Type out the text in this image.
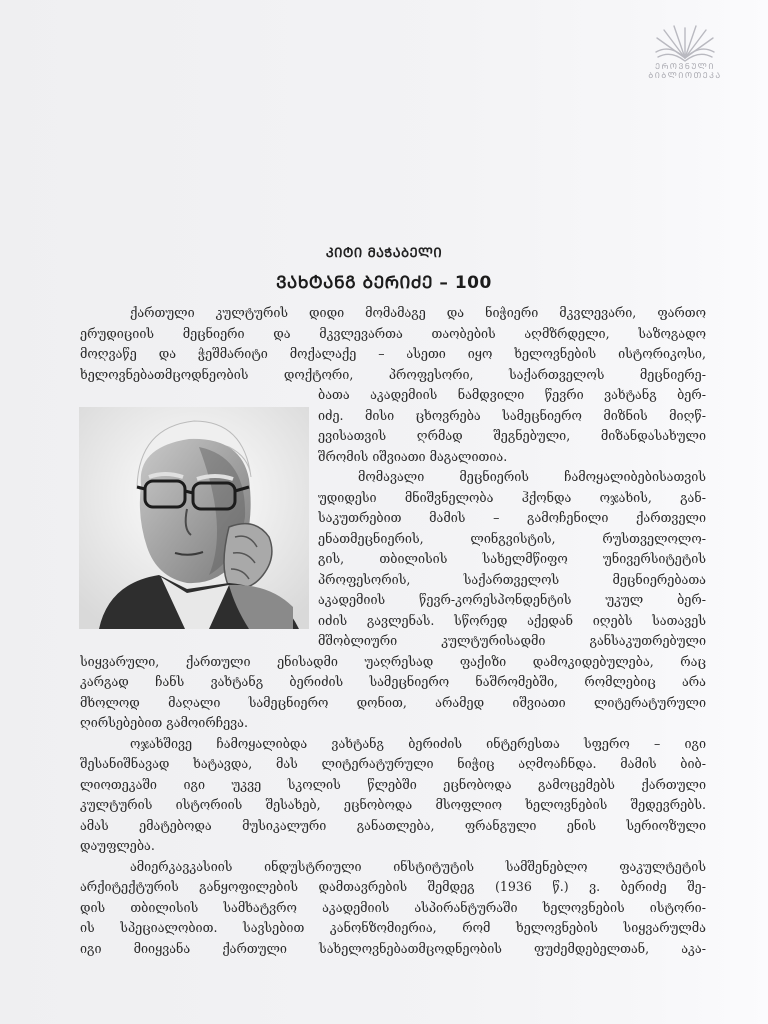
ᲔᲠᲝᲕᲜᲣᲚᲘ
ᲑᲘᲑᲚᲘᲝᲗᲔᲙᲐ
ᲙᲘᲢᲘ ᲛᲐᲭᲐᲑᲔᲚᲘ
ᲕᲐᲮᲢᲐᲜᲒ ᲑᲔᲠᲘᲫᲔ – 100
ქართული კულტურის დიდი მომამაგე და ნიჭიერი მკვლევარი, ფართო
ერუდიციის მეცნიერი და მკვლევართა თაობების აღმზრდელი, საზოგადო
მოღვაწე და ჭეშმარიტი მოქალაქე – ასეთი იყო ხელოვნების ისტორიკოსი,
ხელოვნებათმცოდნეობის დოქტორი, პროფესორი, საქართველოს მეცნიერე-
ბათა აკადემიის ნამდვილი წევრი ვახტანგ ბერ-
იძე. მისი ცხოვრება სამეცნიერო მიზნის მიღწ-
ევისათვის ღრმად შეგნებული, მიზანდასახული
შრომის იშვიათი მაგალითია.
მომავალი მეცნიერის ჩამოყალიბებისათვის
უდიდესი მნიშვნელობა ჰქონდა ოჯახის, გან-
საკუთრებით მამის – გამოჩენილი ქართველი
ენათმეცნიერის, ლინგვისტის, რუსთველოლო-
გის, თბილისის სახელმწიფო უნივერსიტეტის
პროფესორის, საქართველოს მეცნიერებათა
აკადემიის წევრ-კორესპონდენტის უკულ ბერ-
იძის გავლენას. სწორედ აქედან იღებს სათავეს
მშობლიური კულტურისადმი განსაკუთრებული
სიყვარული, ქართული ენისადმი უაღრესად ფაქიზი დამოკიდებულება, რაც
კარგად ჩანს ვახტანგ ბერიძის სამეცნიერო ნაშრომებში, რომლებიც არა
მხოლოდ მაღალი სამეცნიერო დონით, არამედ იშვიათი ლიტერატურული
ღირსებებით გამოირჩევა.
ოჯახშივე ჩამოყალიბდა ვახტანგ ბერიძის ინტერესთა სფერო – იგი
შესანიშნავად ხატავდა, მას ლიტერატურული ნიჭიც აღმოაჩნდა. მამის ბიბ-
ლიოთეკაში იგი უკვე სკოლის წლებში ეცნობოდა გამოცემებს ქართული
კულტურის ისტორიის შესახებ, ეცნობოდა მსოფლიო ხელოვნების შედევრებს.
ამას ემატებოდა მუსიკალური განათლება, ფრანგული ენის სერიოზული
დაუფლება.
ამიერკავკასიის ინდუსტრიული ინსტიტუტის სამშენებლო ფაკულტეტის
არქიტექტურის განყოფილების დამთავრების შემდეგ (1936 წ.) ვ. ბერიძე შე-
დის თბილისის სამხატვრო აკადემიის ასპირანტურაში ხელოვნების ისტორი-
ის სპეციალობით. სავსებით კანონზომიერია, რომ ხელოვნების სიყვარულმა
იგი მიიყვანა ქართული სახელოვნებათმცოდნეობის ფუძემდებელთან, აკა-
